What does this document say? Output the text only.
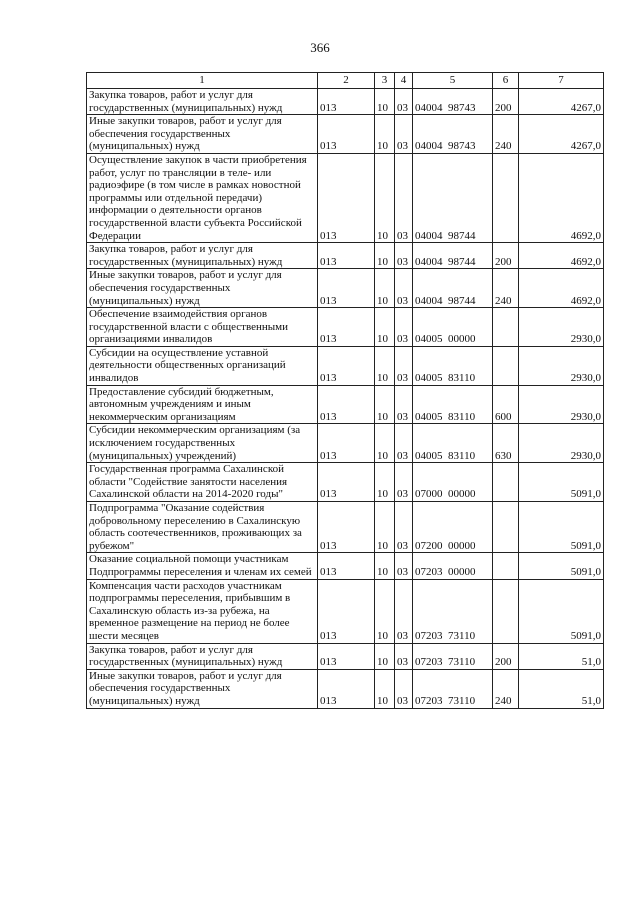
366
1	2	3	4	5	6	7
Закупка товаров, работ и услуг для государственных (муниципальных) нужд	013	10	03	04004  98743	200	4267,0
Иные закупки товаров, работ и услуг для обеспечения государственных (муниципальных) нужд	013	10	03	04004  98743	240	4267,0
Осуществление закупок в части приобретения работ, услуг по трансляции в теле- или радиоэфире (в том числе в рамках новостной программы или отдельной передачи) информации о деятельности органов государственной власти субъекта Российской Федерации	013	10	03	04004  98744		4692,0
Закупка товаров, работ и услуг для государственных (муниципальных) нужд	013	10	03	04004  98744	200	4692,0
Иные закупки товаров, работ и услуг для обеспечения государственных (муниципальных) нужд	013	10	03	04004  98744	240	4692,0
Обеспечение взаимодействия органов государственной власти с общественными организациями инвалидов	013	10	03	04005  00000		2930,0
Субсидии на осуществление уставной деятельности общественных организаций инвалидов	013	10	03	04005  83110		2930,0
Предоставление субсидий бюджетным, автономным учреждениям и иным некоммерческим организациям	013	10	03	04005  83110	600	2930,0
Субсидии некоммерческим организациям (за исключением государственных (муниципальных) учреждений)	013	10	03	04005  83110	630	2930,0
Государственная программа Сахалинской области "Содействие занятости населения Сахалинской области на 2014-2020 годы"	013	10	03	07000  00000		5091,0
Подпрограмма "Оказание содействия добровольному переселению в Сахалинскую область соотечественников, проживающих за рубежом"	013	10	03	07200  00000		5091,0
Оказание социальной помощи участникам Подпрограммы переселения и членам их семей	013	10	03	07203  00000		5091,0
Компенсация части расходов участникам подпрограммы переселения, прибывшим в Сахалинскую область из-за рубежа, на временное размещение на период не более шести месяцев	013	10	03	07203  73110		5091,0
Закупка товаров, работ и услуг для государственных (муниципальных) нужд	013	10	03	07203  73110	200	51,0
Иные закупки товаров, работ и услуг для обеспечения государственных (муниципальных) нужд	013	10	03	07203  73110	240	51,0
